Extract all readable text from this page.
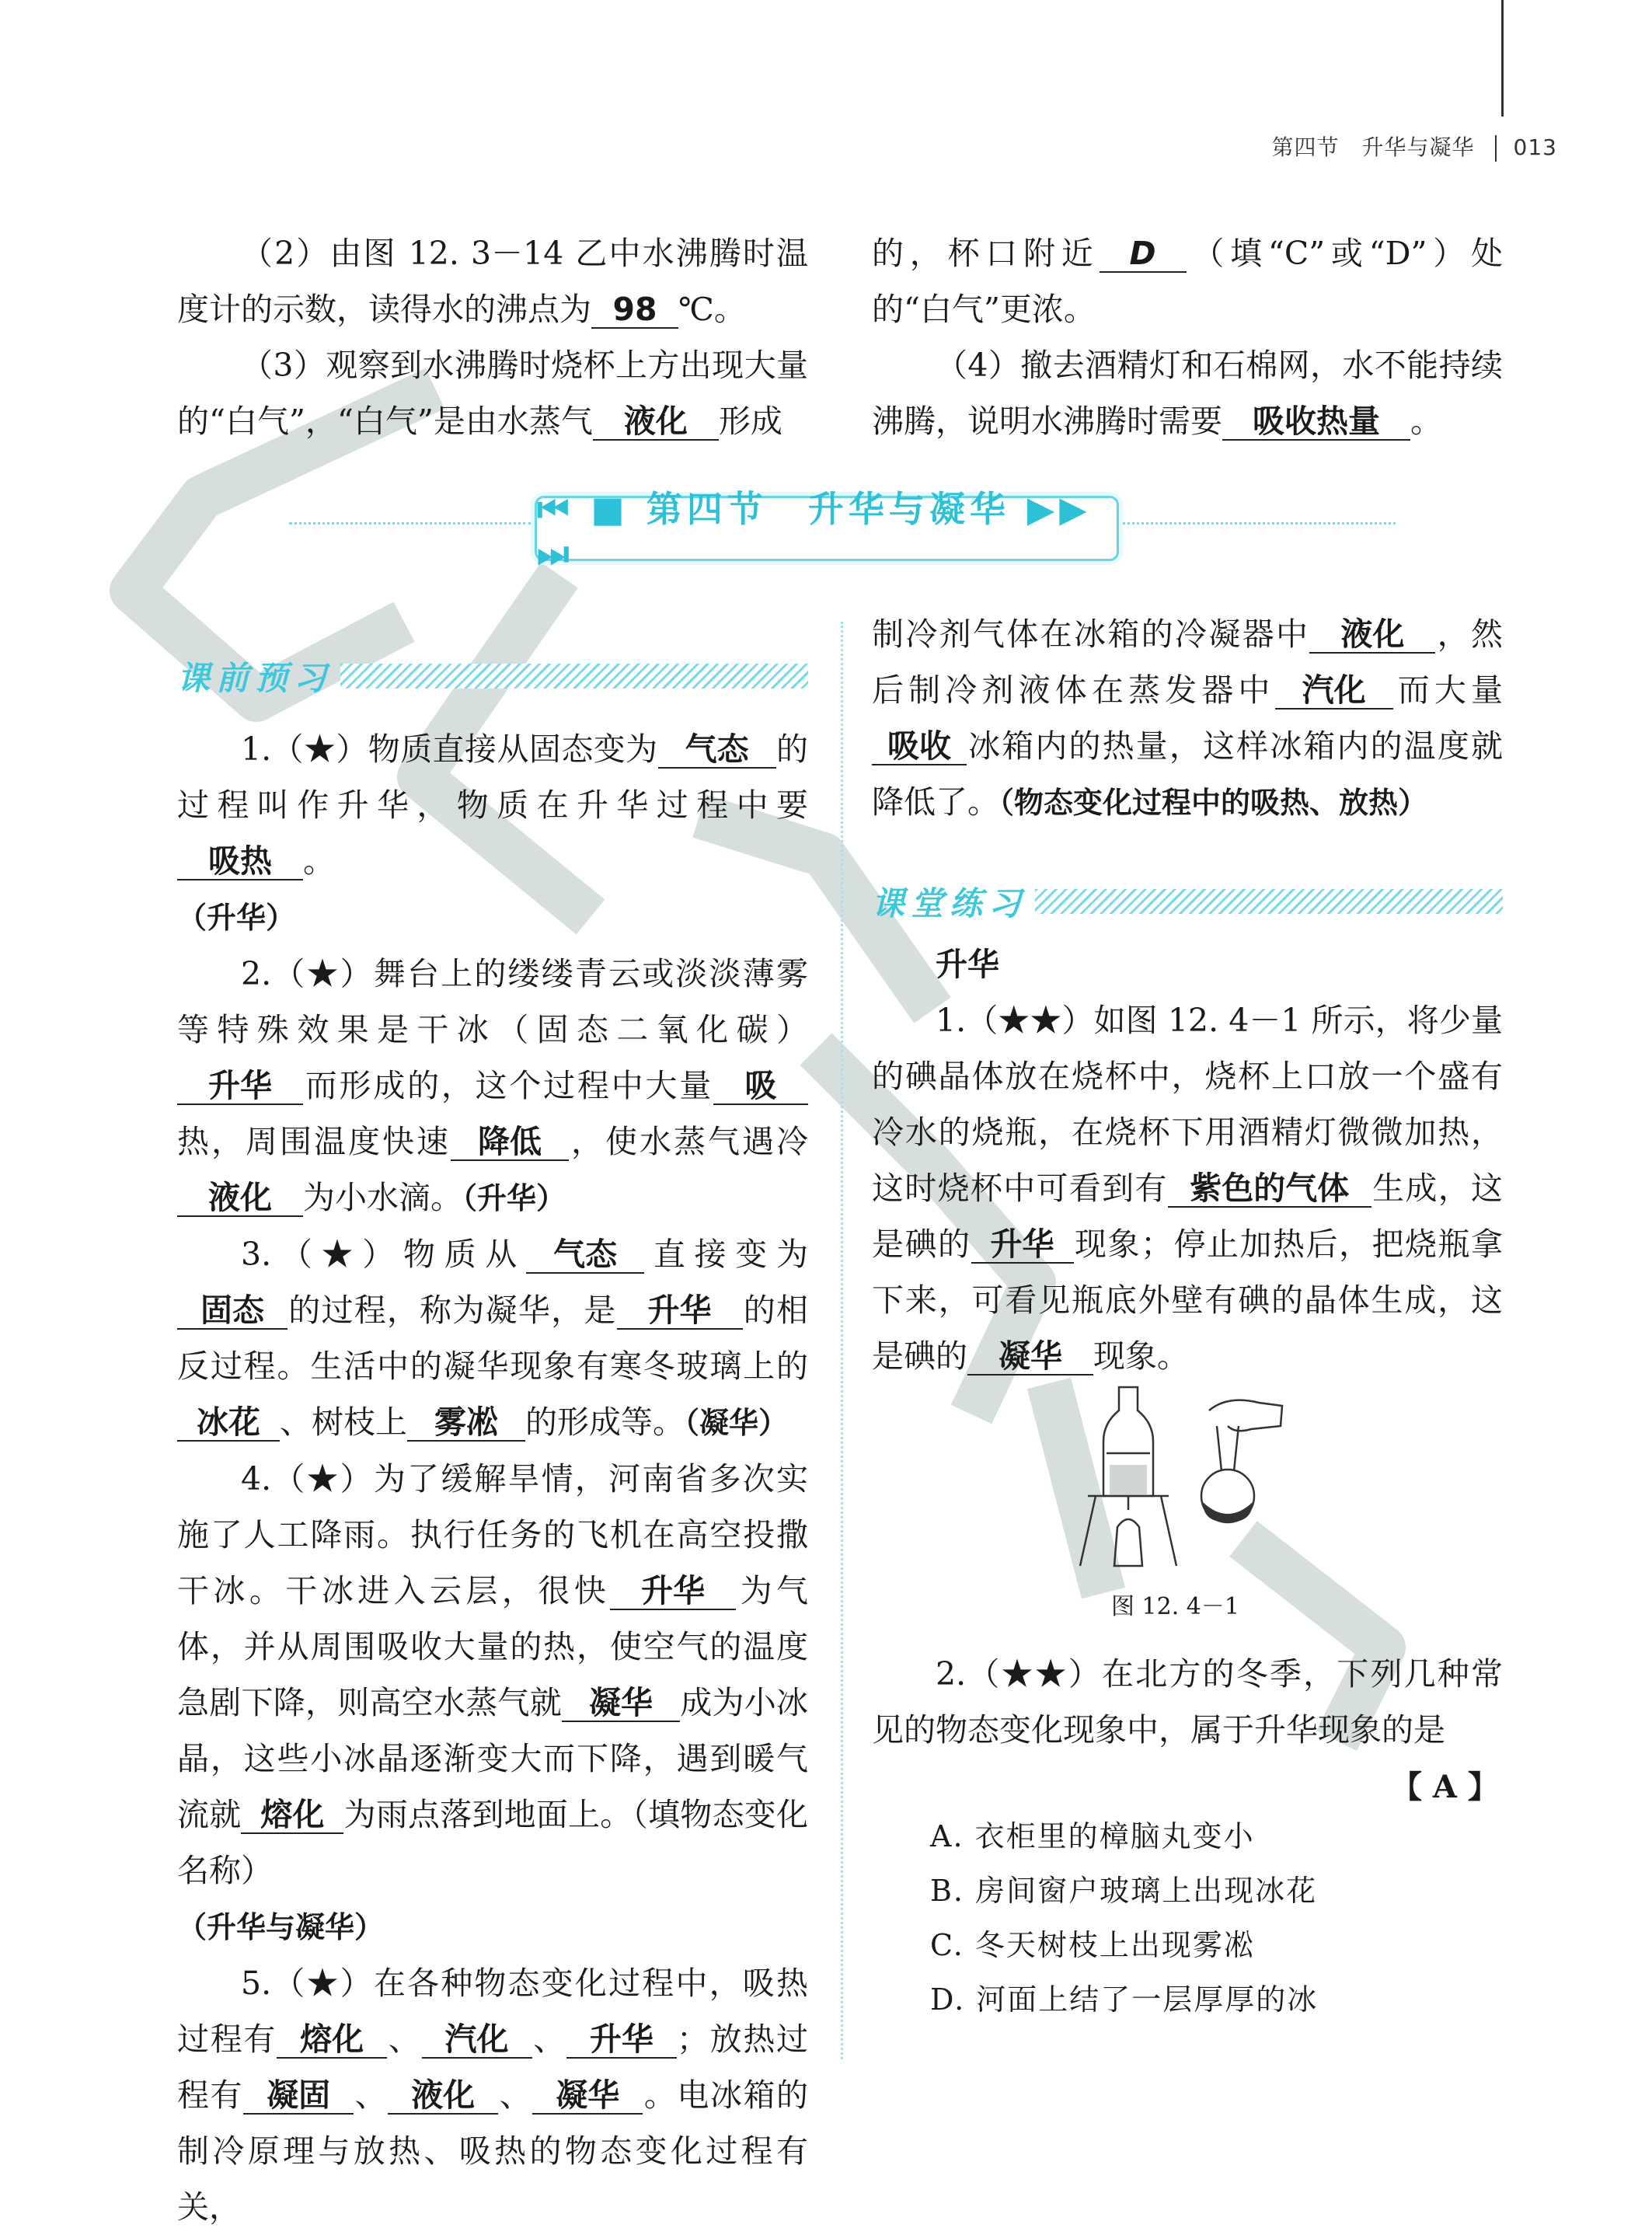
第四节　升华与凝华 013

（2）由图 12. 3－14 乙中水沸腾时温度计的示数，读得水的沸点为 98 ℃。

（3）观察到水沸腾时烧杯上方出现大量的“白气”，“白气”是由水蒸气 液化 形成

的，杯口附近 D （填“C”或“D”）处的“白气”更浓。

（4）撤去酒精灯和石棉网，水不能持续沸腾，说明水沸腾时需要 吸收热量 。

⏮ ■ 第四节　升华与凝华 ▶▶ ⏭
课前预习

1.（★）物质直接从固态变为 气态 的过程叫作升华，物质在升华过程中要吸热 。
（升华）

2.（★）舞台上的缕缕青云或淡淡薄雾等特殊效果是干冰（固态二氧化碳）升华 而形成的，这个过程中大量 吸热，周围温度快速 降低 ，使水蒸气遇冷液化 为小水滴。（升华）

3.（★）物质从 气态 直接变为固态 的过程，称为凝华，是 升华 的相反过程。生活中的凝华现象有寒冬玻璃上的冰花 、树枝上 雾凇 的形成等。（凝华）

4.（★）为了缓解旱情，河南省多次实施了人工降雨。执行任务的飞机在高空投撒干冰。干冰进入云层，很快 升华 为气体，并从周围吸收大量的热，使空气的温度急剧下降，则高空水蒸气就 凝华 成为小冰晶，这些小冰晶逐渐变大而下降，遇到暖气流就 熔化 为雨点落到地面上。（填物态变化名称）
（升华与凝华）

5.（★）在各种物态变化过程中，吸热过程有 熔化 、 汽化 、 升华 ；放热过程有 凝固 、 液化 、 凝华 。电冰箱的制冷原理与放热、吸热的物态变化过程有关，

制冷剂气体在冰箱的冷凝器中 液化 ，然后制冷剂液体在蒸发器中 汽化 而大量吸收 冰箱内的热量，这样冰箱内的温度就降低了。（物态变化过程中的吸热、放热）

课堂练习

升华

1.（★★）如图 12. 4－1 所示，将少量的碘晶体放在烧杯中，烧杯上口放一个盛有冷水的烧瓶，在烧杯下用酒精灯微微加热，这时烧杯中可看到有 紫色的气体 生成，这是碘的 升华 现象；停止加热后，把烧瓶拿下来，可看见瓶底外壁有碘的晶体生成，这是碘的 凝华 现象。

图 12. 4－1

2.（★★）在北方的冬季，下列几种常见的物态变化现象中，属于升华现象的是

【 A 】
A. 衣柜里的樟脑丸变小
B. 房间窗户玻璃上出现冰花
C. 冬天树枝上出现雾凇
D. 河面上结了一层厚厚的冰
